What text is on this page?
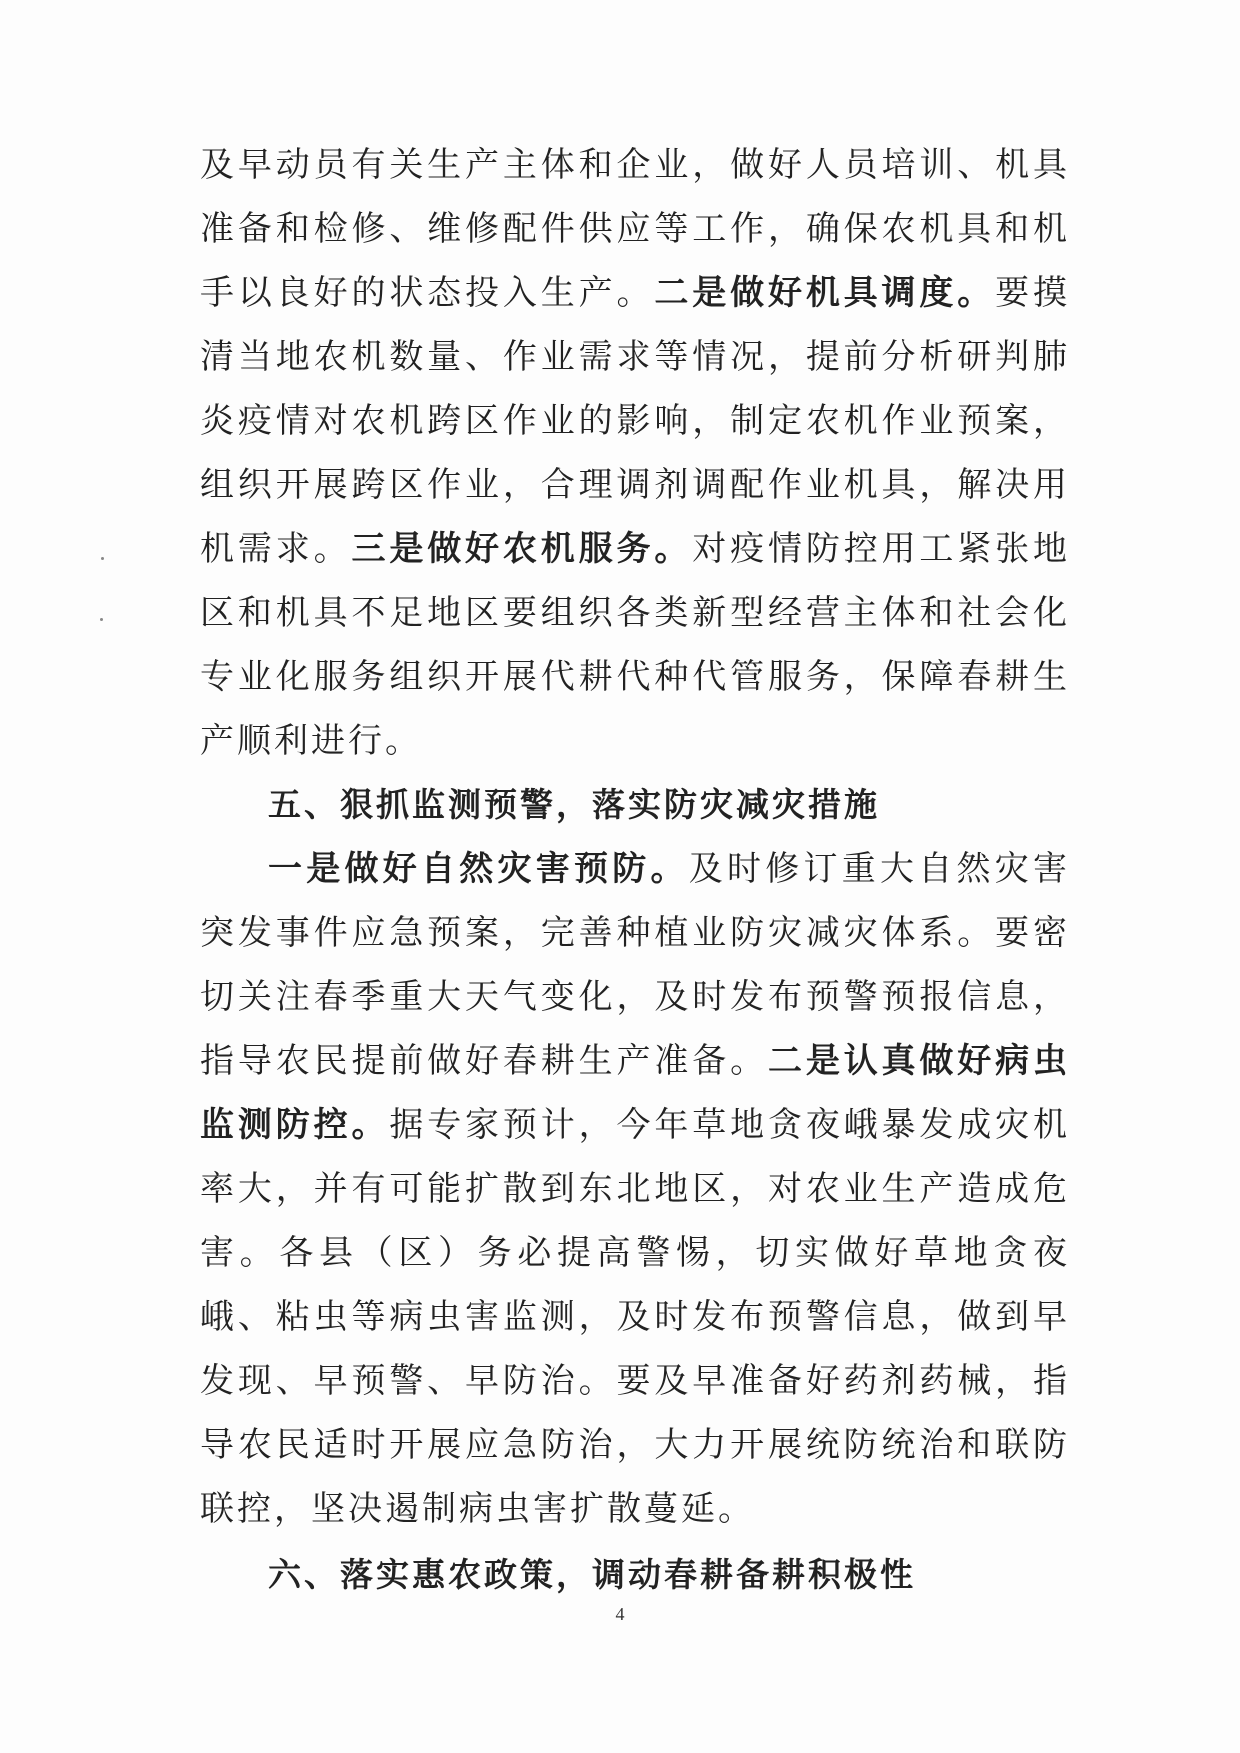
及早动员有关生产主体和企业，做好人员培训、机具准备和检修、维修配件供应等工作，确保农机具和机手以良好的状态投入生产。二是做好机具调度。要摸清当地农机数量、作业需求等情况，提前分析研判肺炎疫情对农机跨区作业的影响，制定农机作业预案，组织开展跨区作业，合理调剂调配作业机具，解决用机需求。三是做好农机服务。对疫情防控用工紧张地区和机具不足地区要组织各类新型经营主体和社会化专业化服务组织开展代耕代种代管服务，保障春耕生产顺利进行。

五、狠抓监测预警，落实防灾减灾措施

一是做好自然灾害预防。及时修订重大自然灾害突发事件应急预案，完善种植业防灾减灾体系。要密切关注春季重大天气变化，及时发布预警预报信息，指导农民提前做好春耕生产准备。二是认真做好病虫监测防控。据专家预计，今年草地贪夜峨暴发成灾机率大，并有可能扩散到东北地区，对农业生产造成危害。各县（区）务必提高警惕，切实做好草地贪夜峨、粘虫等病虫害监测，及时发布预警信息，做到早发现、早预警、早防治。要及早准备好药剂药械，指导农民适时开展应急防治，大力开展统防统治和联防联控，坚决遏制病虫害扩散蔓延。

六、落实惠农政策，调动春耕备耕积极性

4
